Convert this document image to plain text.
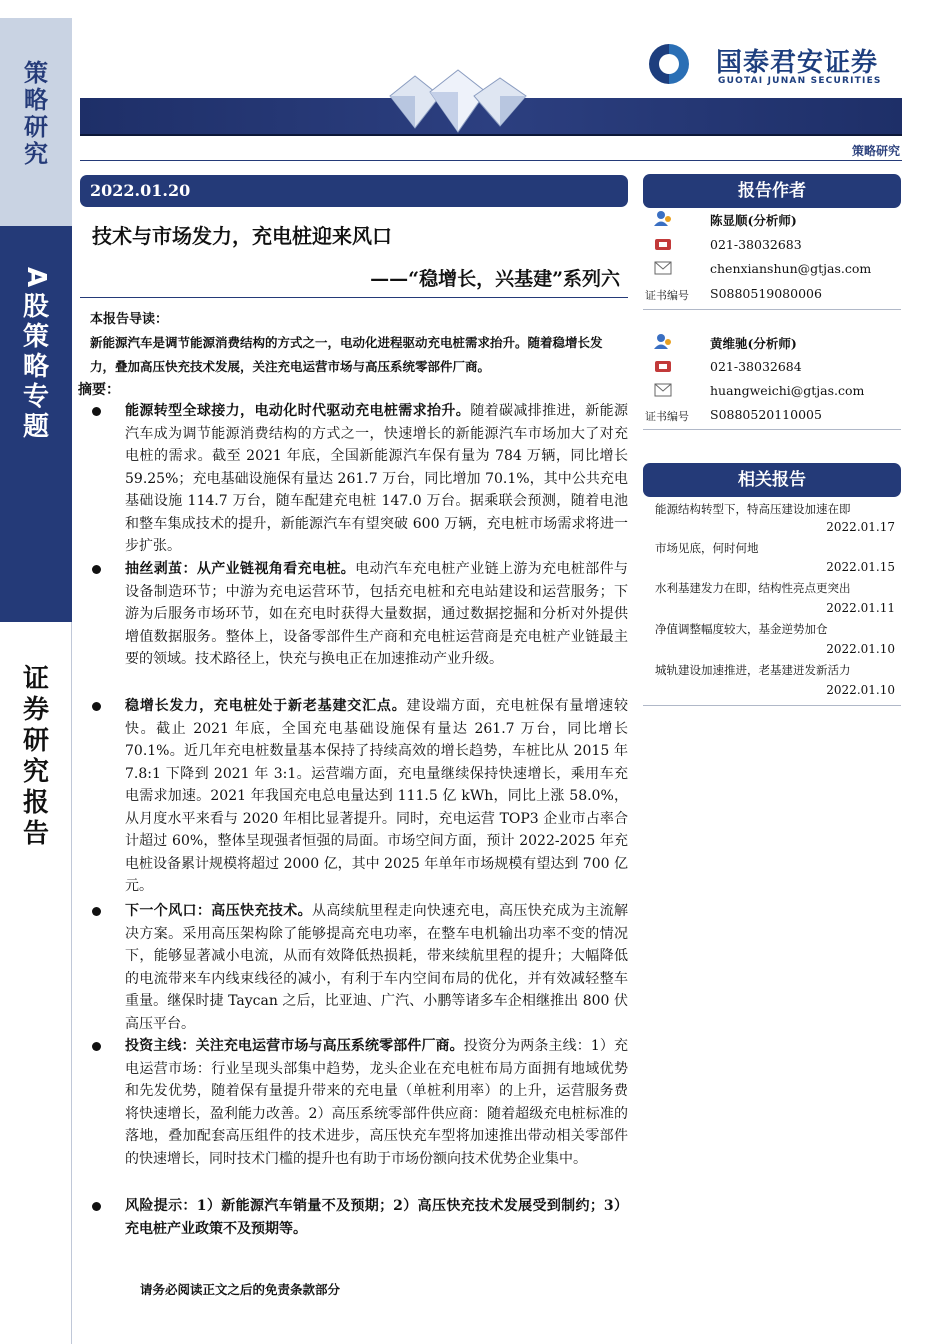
策
略
研
究
A
股
策
略
专
题
证
券
研
究
报
告
国泰君安证券
GUOTAI JUNAN SECURITIES
策略研究
2022.01.20
技术与市场发力，充电桩迎来风口
——“稳增长，兴基建”系列六
本报告导读：
新能源汽车是调节能源消费结构的方式之一，电动化进程驱动充电桩需求抬升。随着稳增长发力，叠加高压快充技术发展，关注充电运营市场与高压系统零部件厂商。
摘要：
能源转型全球接力，电动化时代驱动充电桩需求抬升。随着碳减排推进，新能源汽车成为调节能源消费结构的方式之一，快速增长的新能源汽车市场加大了对充电桩的需求。截至 2021 年底，全国新能源汽车保有量为 784 万辆，同比增长 59.25%；充电基础设施保有量达 261.7 万台，同比增加 70.1%，其中公共充电基础设施 114.7 万台，随车配建充电桩 147.0 万台。据乘联会预测，随着电池和整车集成技术的提升，新能源汽车有望突破 600 万辆，充电桩市场需求将进一步扩张。
抽丝剥茧：从产业链视角看充电桩。电动汽车充电桩产业链上游为充电桩部件与设备制造环节；中游为充电运营环节，包括充电桩和充电站建设和运营服务；下游为后服务市场环节，如在充电时获得大量数据，通过数据挖掘和分析对外提供增值数据服务。整体上，设备零部件生产商和充电桩运营商是充电桩产业链最主要的领域。技术路径上，快充与换电正在加速推动产业升级。
稳增长发力，充电桩处于新老基建交汇点。建设端方面，充电桩保有量增速较快。截止 2021 年底，全国充电基础设施保有量达 261.7 万台，同比增长 70.1%。近几年充电桩数量基本保持了持续高效的增长趋势，车桩比从 2015 年 7.8:1 下降到 2021 年 3:1。运营端方面，充电量继续保持快速增长，乘用车充电需求加速。2021 年我国充电总电量达到 111.5 亿 kWh，同比上涨 58.0%，从月度水平来看与 2020 年相比显著提升。同时，充电运营 TOP3 企业市占率合计超过 60%，整体呈现强者恒强的局面。市场空间方面，预计 2022-2025 年充电桩设备累计规模将超过 2000 亿，其中 2025 年单年市场规模有望达到 700 亿元。
下一个风口：高压快充技术。从高续航里程走向快速充电，高压快充成为主流解决方案。采用高压架构除了能够提高充电功率，在整车电机输出功率不变的情况下，能够显著减小电流，从而有效降低热损耗，带来续航里程的提升；大幅降低的电流带来车内线束线径的减小，有利于车内空间布局的优化，并有效减轻整车重量。继保时捷 Taycan 之后，比亚迪、广汽、小鹏等诸多车企相继推出 800 伏高压平台。
投资主线：关注充电运营市场与高压系统零部件厂商。投资分为两条主线：1）充电运营市场：行业呈现头部集中趋势，龙头企业在充电桩布局方面拥有地域优势和先发优势，随着保有量提升带来的充电量（单桩利用率）的上升，运营服务费将快速增长，盈利能力改善。2）高压系统零部件供应商：随着超级充电桩标准的落地，叠加配套高压组件的技术进步，高压快充车型将加速推出带动相关零部件的快速增长，同时技术门槛的提升也有助于市场份额向技术优势企业集中。
风险提示：1）新能源汽车销量不及预期；2）高压快充技术发展受到制约；3）充电桩产业政策不及预期等。
报告作者
陈显顺(分析师)
021-38032683
chenxianshun@gtjas.com
证书编号 S0880519080006
黄维驰(分析师)
021-38032684
huangweichi@gtjas.com
证书编号 S0880520110005
相关报告
能源结构转型下，特高压建设加速在即
2022.01.17
市场见底，何时何地
2022.01.15
水利基建发力在即，结构性亮点更突出
2022.01.11
净值调整幅度较大，基金逆势加仓
2022.01.10
城轨建设加速推进，老基建迸发新活力
2022.01.10
请务必阅读正文之后的免责条款部分
